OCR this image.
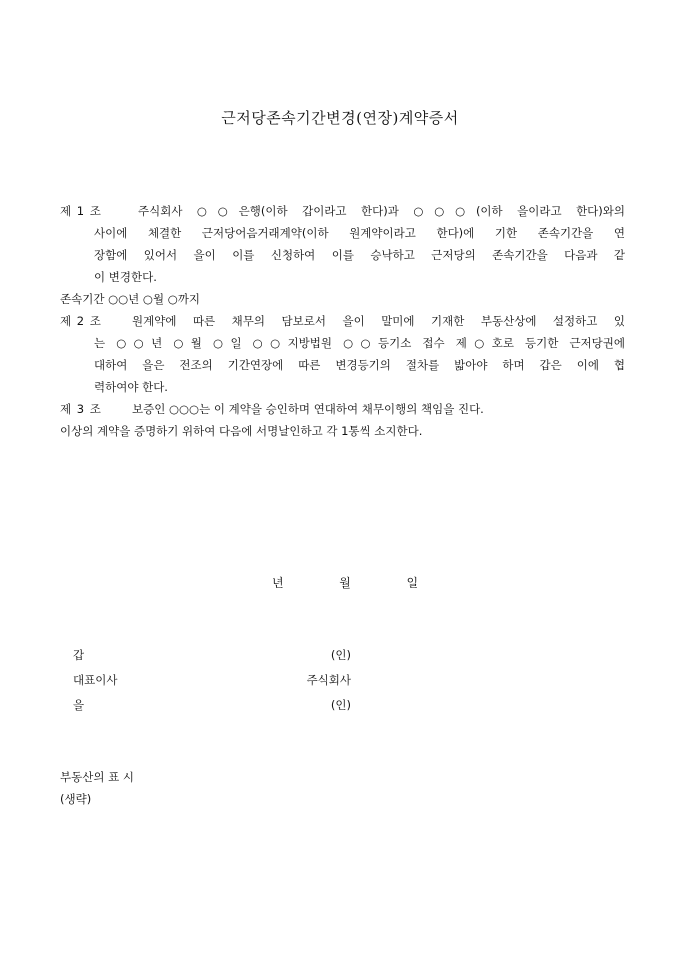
근저당존속기간변경(연장)계약증서
제 1 조	주식회사 ○○은행(이하 갑이라고 한다)과 ○○○(이하 을이라고 한다)와의
사이에 체결한 근저당어음거래계약(이하 원계약이라고 한다)에 기한 존속기간을 연
장함에 있어서 을이 이를 신청하여 이를 승낙하고 근저당의 존속기간을 다음과 같
이 변경한다.
존속기간 ○○년 ○월 ○까지
제 2 조	원계약에 따른 채무의 담보로서 을이 말미에 기재한 부동산상에 설정하고 있
는 ○○년 ○월 ○일 ○○지방법원 ○○등기소 접수 제○호로 등기한 근저당권에
대하여 을은 전조의 기간연장에 따른 변경등기의 절차를 밟아야 하며 갑은 이에 협
력하여야 한다.
제 3 조	보증인 ○○○는 이 계약을 승인하며 연대하여 채무이행의 책임을 진다.
이상의 계약을 증명하기 위하여 다음에 서명날인하고 각 1통씩 소지한다.
년	월	일
갑	(인)
대표이사	주식회사
을	(인)
부동산의 표 시
(생략)
